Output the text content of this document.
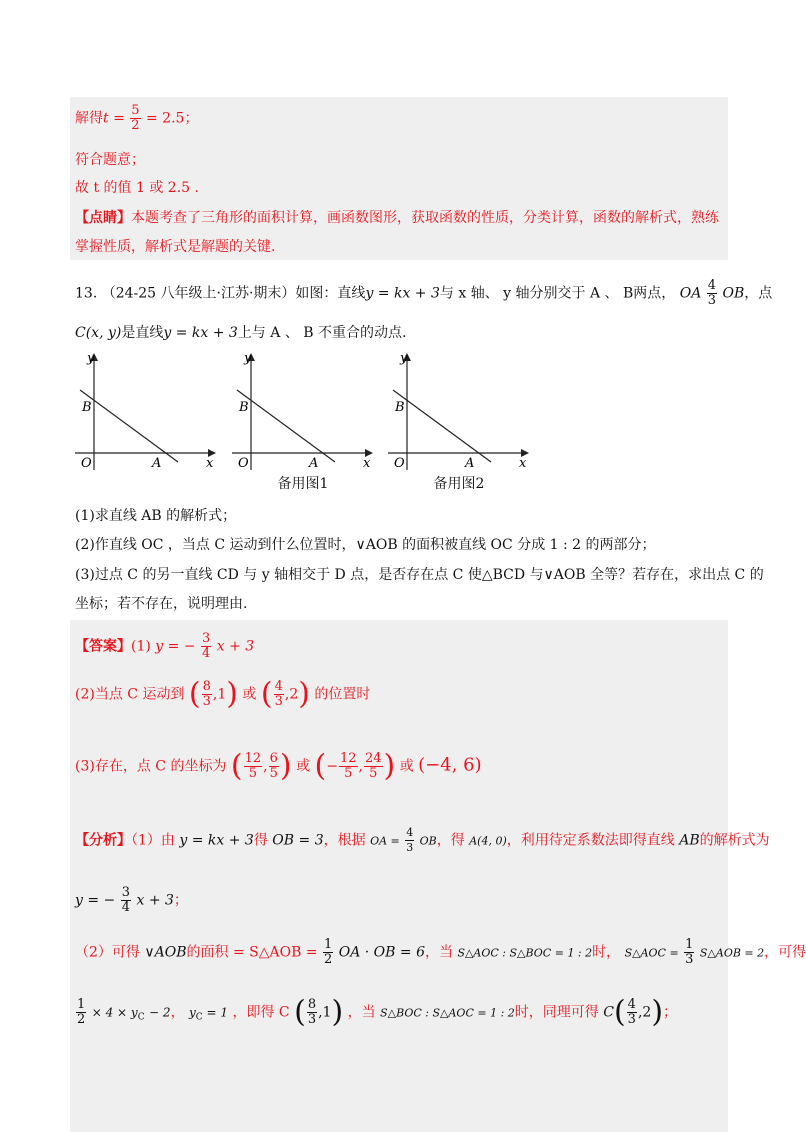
解得$t = \frac{5}{2} = 2.5$；
符合题意；
故 t 的值 1 或 2.5 .
【点睛】本题考查了三角形的面积计算，画函数图形，获取函数的性质，分类计算，函数的解析式，熟练
掌握性质，解析式是解题的关键.
13. （24-25 八年级上·江苏·期末）如图：直线y = kx + 3与 x 轴、 y 轴分别交于 A 、 B两点， OA $\frac{4}{3}$ OB，点
C(x, y)是直线y = kx + 3上与 A 、 B 不重合的动点.
y
x
O	A
B
y
x
O	A
B
y
x
O	A
B
备用图1	备用图2
(1)求直线 AB 的解析式；
(2)作直线 OC ，当点 C 运动到什么位置时，∨AOB 的面积被直线 OC 分成 1 : 2 的两部分；
(3)过点 C 的另一直线 CD 与 y 轴相交于 D 点，是否存在点 C 使△BCD 与∨AOB 全等？若存在，求出点 C 的
坐标；若不存在，说明理由.
【答案】(1) y = − $\frac{3}{4}$ x + 3
(2)当点 C 运动到 ( $\frac{8}{3} ,1$) 或 ( $\frac{4}{3} ,2$) 的位置时
(3)存在，点 C 的坐标为 ( $\frac{12}{5}$ , $\frac{6}{5}$ ) 或 (− $\frac{12}{5}$ , $\frac{24}{5}$ ) 或 (−4, 6)
【分析】（1）由 y = kx + 3得 OB = 3，根据 OA = $\frac{4}{3}$ OB，得 A(4, 0)，利用待定系数法即得直线 AB的解析式为
y = − $\frac{3}{4}$ x + 3；
（2）可得 ∨AOB的面积 = S△AOB = $\frac{1}{2}$ OA · OB = 6，当 S△AOC : S△BOC = 1 : 2时， S△AOC = $\frac{1}{3}$ S△AOB = 2，可得
$\frac{1}{2} \times 4 \times y_C - 2$， $y_C = 1$ ，即得 C ( $\frac{8}{3} ,1$) ，当 S△BOC : S△AOC = 1 : 2时，同理可得 $C( \frac{4}{3} ,2)$；
